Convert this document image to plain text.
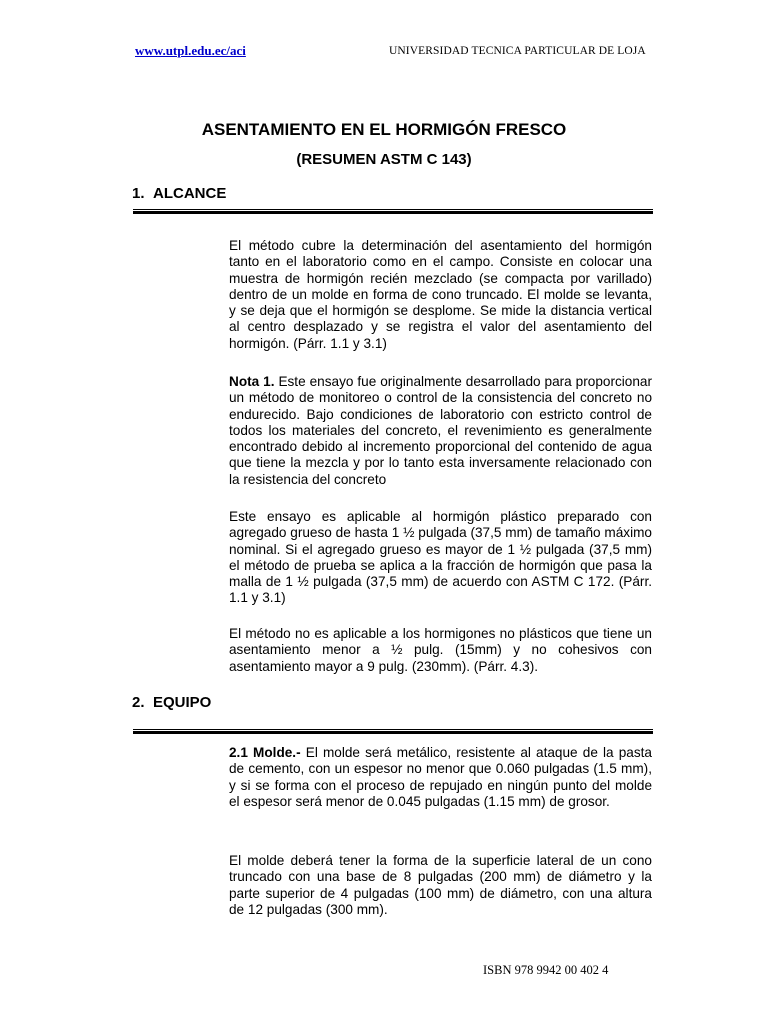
www.utpl.edu.ec/aci	UNIVERSIDAD TECNICA PARTICULAR DE LOJA
ASENTAMIENTO EN EL HORMIGÓN FRESCO
(RESUMEN ASTM C 143)
1. ALCANCE
El método cubre la determinación del asentamiento del hormigón tanto en el laboratorio como en el campo. Consiste en colocar una muestra de hormigón recién mezclado (se compacta por varillado) dentro de un molde en forma de cono truncado. El molde se levanta, y se deja que el hormigón se desplome. Se mide la distancia vertical al centro desplazado y se registra el valor del asentamiento del hormigón. (Párr. 1.1 y 3.1)
Nota 1. Este ensayo fue originalmente desarrollado para proporcionar un método de monitoreo o control de la consistencia del concreto no endurecido. Bajo condiciones de laboratorio con estricto control de todos los materiales del concreto, el revenimiento es generalmente encontrado debido al incremento proporcional del contenido de agua que tiene la mezcla y por lo tanto esta inversamente relacionado con la resistencia del concreto
Este ensayo es aplicable al hormigón plástico preparado con agregado grueso de hasta 1 ½ pulgada (37,5 mm) de tamaño máximo nominal. Si el agregado grueso es mayor de 1 ½ pulgada (37,5 mm) el método de prueba se aplica a la fracción de hormigón que pasa la malla de 1 ½ pulgada (37,5 mm) de acuerdo con ASTM C 172. (Párr. 1.1 y 3.1)
El método no es aplicable a los hormigones no plásticos que tiene un asentamiento menor a ½ pulg. (15mm) y no cohesivos con asentamiento mayor a 9 pulg. (230mm). (Párr. 4.3).
2. EQUIPO
2.1 Molde.- El molde será metálico, resistente al ataque de la pasta de cemento, con un espesor no menor que 0.060 pulgadas (1.5 mm), y si se forma con el proceso de repujado en ningún punto del molde el espesor será menor de 0.045 pulgadas (1.15 mm) de grosor.
El molde deberá tener la forma de la superficie lateral de un cono truncado con una base de 8 pulgadas (200 mm) de diámetro y la parte superior de 4 pulgadas (100 mm) de diámetro, con una altura de 12 pulgadas (300 mm).
ISBN 978 9942 00 402 4
